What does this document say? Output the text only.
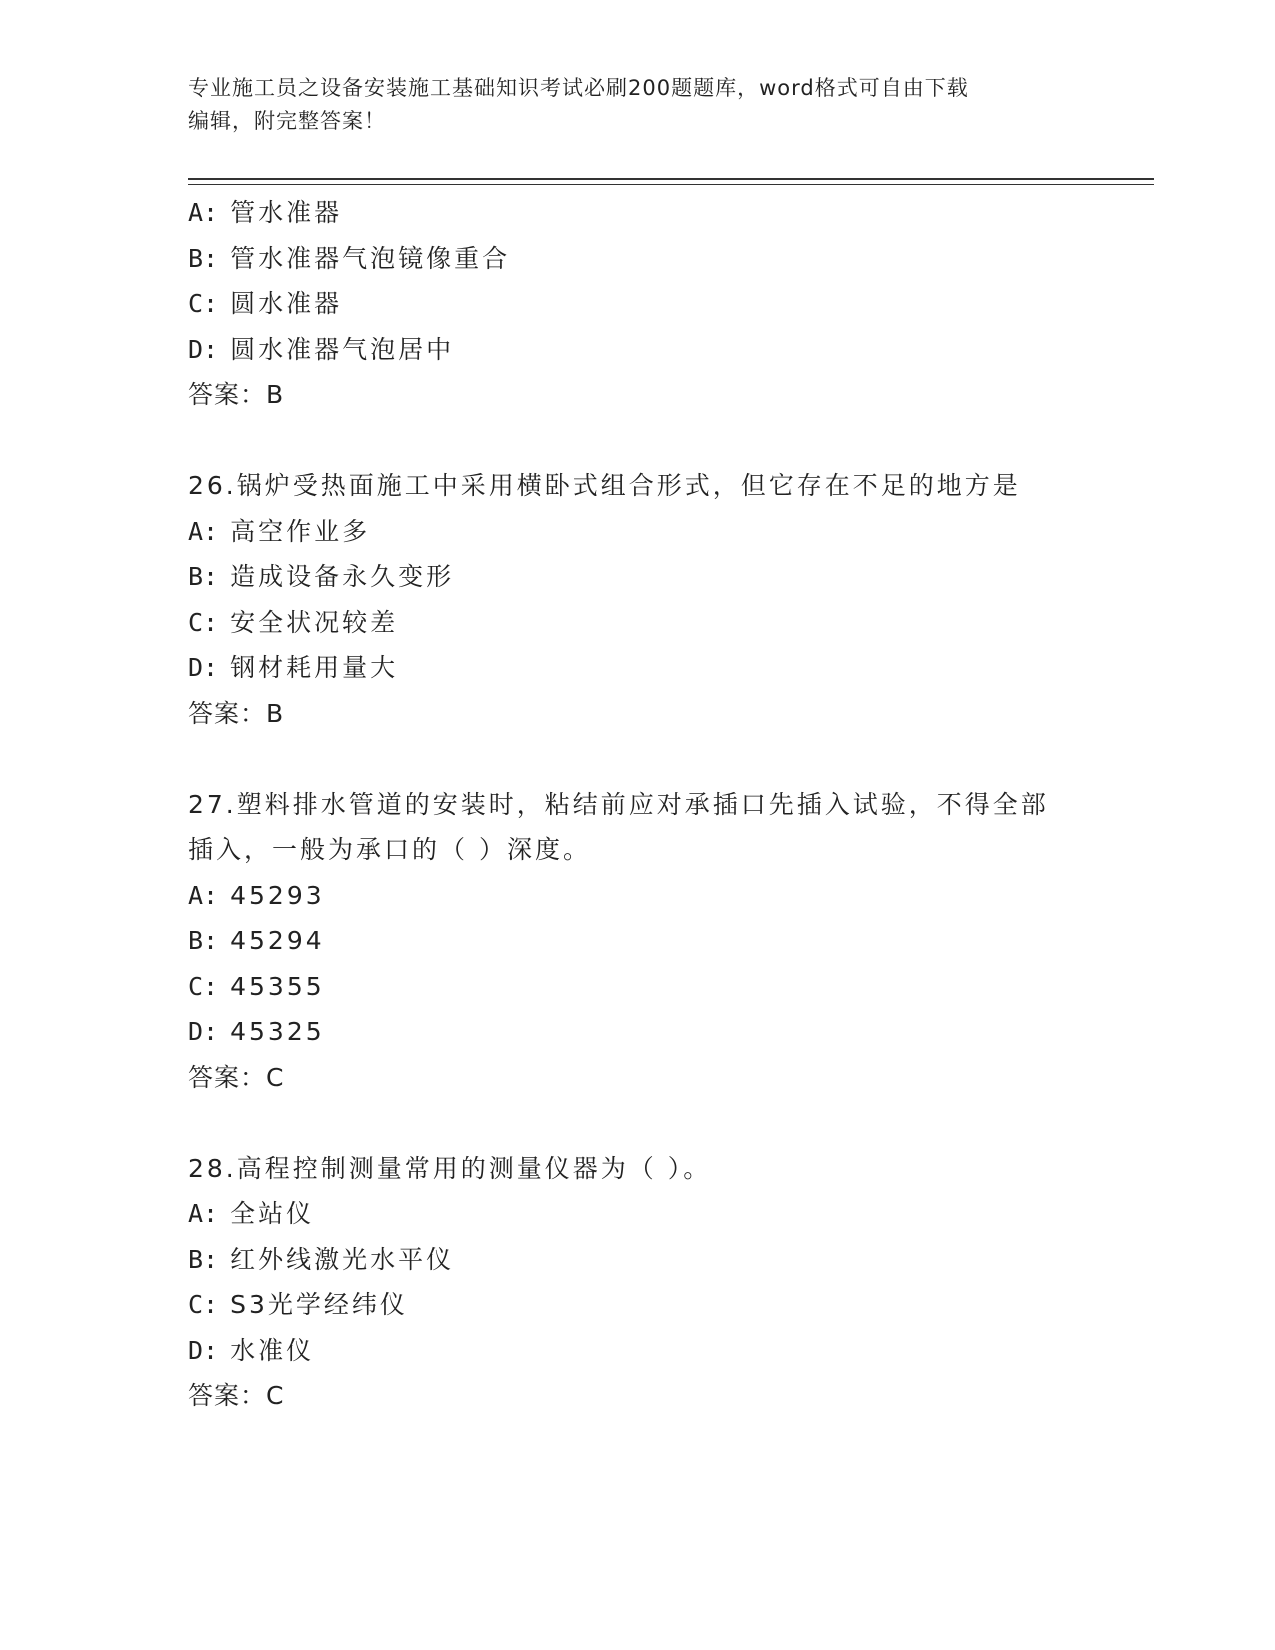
专业施工员之设备安装施工基础知识考试必刷200题题库，word格式可自由下载
编辑，附完整答案！
A: 管水准器
B: 管水准器气泡镜像重合
C: 圆水准器
D: 圆水准器气泡居中
答案：B
26.锅炉受热面施工中采用横卧式组合形式，但它存在不足的地方是
A: 高空作业多
B: 造成设备永久变形
C: 安全状况较差
D: 钢材耗用量大
答案：B
27.塑料排水管道的安装时，粘结前应对承插口先插入试验，不得全部
插入，一般为承口的（ ）深度。
A: 45293
B: 45294
C: 45355
D: 45325
答案：C
28.高程控制测量常用的测量仪器为（ ）。
A: 全站仪
B: 红外线激光水平仪
C: S3光学经纬仪
D: 水准仪
答案：C
